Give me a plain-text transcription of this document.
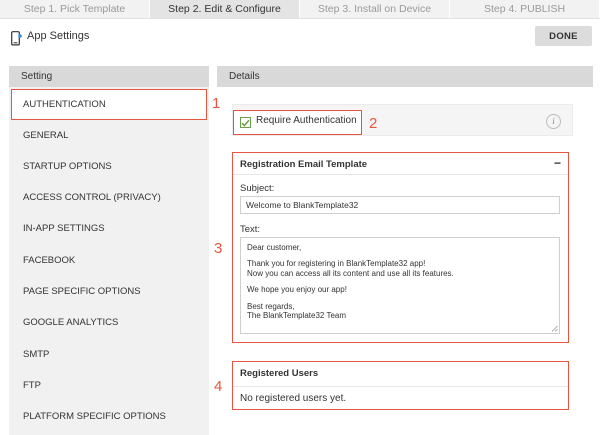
Step 1. Pick Template	Step 2. Edit & Configure	Step 3. Install on Device	Step 4. PUBLISH
App Settings	DONE
Setting	Details
AUTHENTICATION
GENERAL
STARTUP OPTIONS
ACCESS CONTROL (PRIVACY)
IN-APP SETTINGS
FACEBOOK
PAGE SPECIFIC OPTIONS
GOOGLE ANALYTICS
SMTP
FTP
PLATFORM SPECIFIC OPTIONS
Require Authentication	i
Registration Email Template	−
Subject:
Welcome to BlankTemplate32
Text:

Dear customer,

Thank you for registering in BlankTemplate32 app!

Now you can access all its content and use all its features.

We hope you enjoy our app!

Best regards,

The BlankTemplate32 Team

Registered Users
No registered users yet.
1
2
3
4
